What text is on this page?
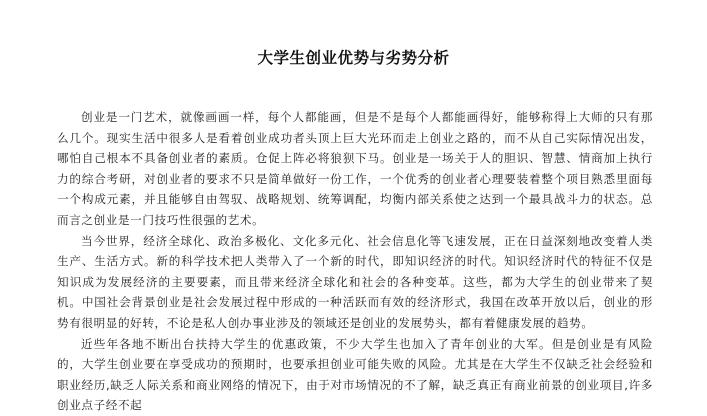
大学生创业优势与劣势分析

创业是一门艺术，就像画画一样，每个人都能画，但是不是每个人都能画得好，能够称得上大师的只有那么几个。现实生活中很多人是看着创业成功者头顶上巨大光环而走上创业之路的，而不从自己实际情况出发，哪怕自己根本不具备创业者的素质。仓促上阵必将狼狈下马。创业是一场关于人的胆识、智慧、情商加上执行力的综合考研，对创业者的要求不只是简单做好一份工作，一个优秀的创业者心理要装着整个项目熟悉里面每一个构成元素，并且能够自由驾驭、战略规划、统筹调配，均衡内部关系使之达到一个最具战斗力的状态。总而言之创业是一门技巧性很强的艺术。

当今世界，经济全球化、政治多极化、文化多元化、社会信息化等飞速发展，正在日益深刻地改变着人类生产、生活方式。新的科学技术把人类带入了一个新的时代，即知识经济的时代。知识经济时代的特征不仅是知识成为发展经济的主要要素，而且带来经济全球化和社会的各种变革。这些，都为大学生的创业带来了契机。中国社会背景创业是社会发展过程中形成的一种活跃而有效的经济形式，我国在改革开放以后，创业的形势有很明显的好转，不论是私人创办事业涉及的领域还是创业的发展势头，都有着健康发展的趋势。

近些年各地不断出台扶持大学生的优惠政策，不少大学生也加入了青年创业的大军。但是创业是有风险的，大学生创业要在享受成功的预期时，也要承担创业可能失败的风险。尤其是在大学生不仅缺乏社会经验和职业经历,缺乏人际关系和商业网络的情况下，由于对市场情况的不了解，缺乏真正有商业前景的创业项目,许多创业点子经不起
